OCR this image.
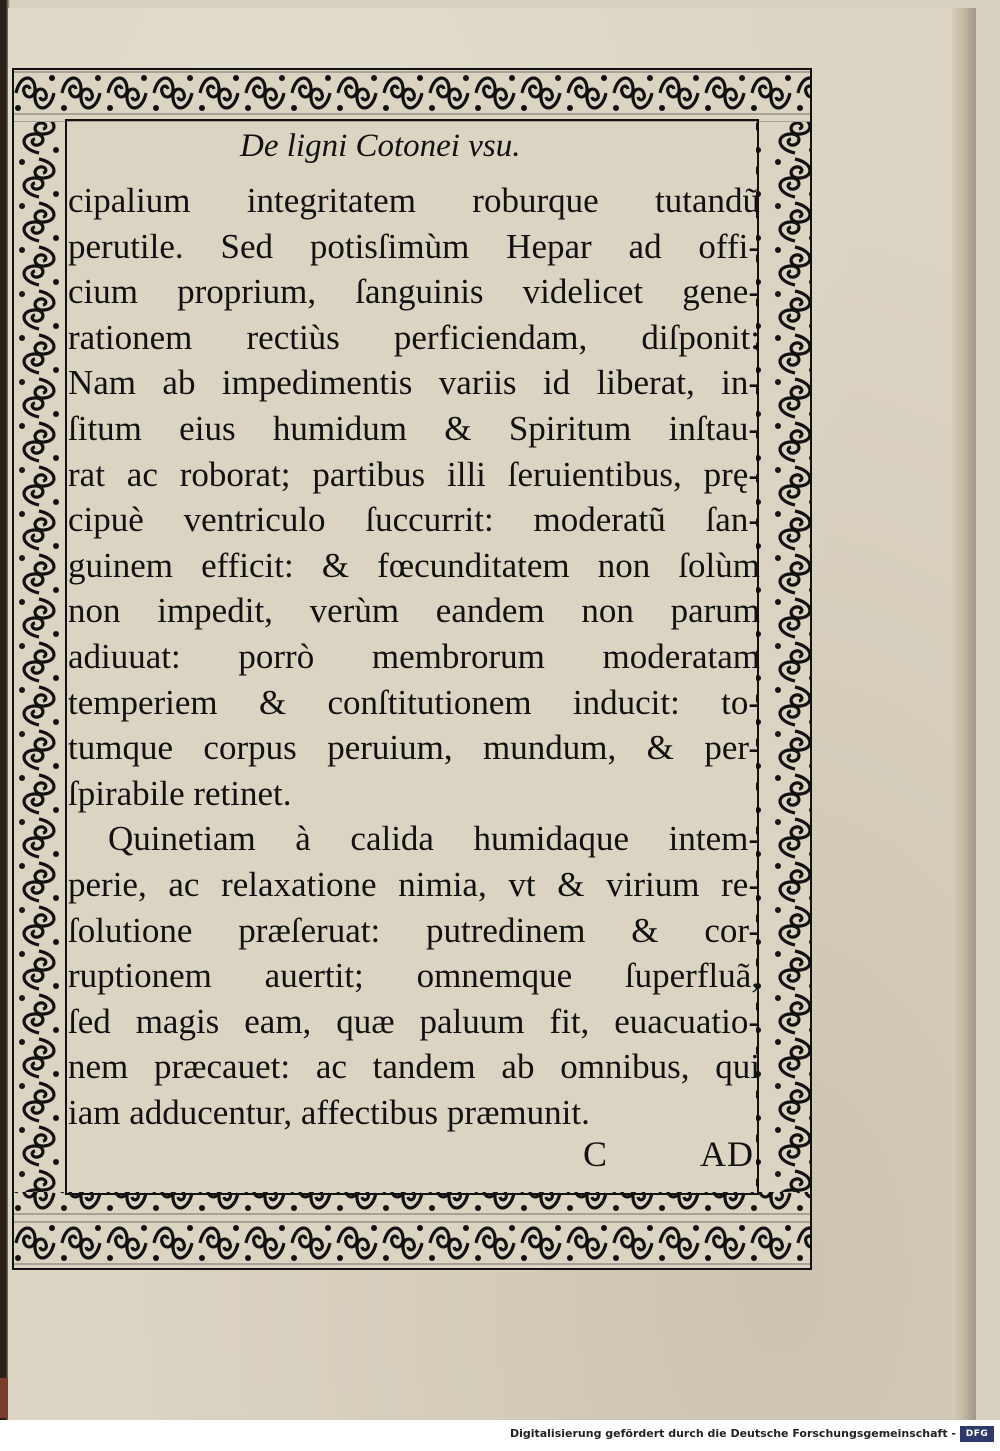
De ligni Cotonei vsu.
cipalium integritatem roburque tutandũ
perutile. Sed potisſimùm Hepar ad offi-
cium proprium, ſanguinis videlicet gene-
rationem rectiùs perficiendam, diſponit:
Nam ab impedimentis variis id liberat, in-
ſitum eius humidum & Spiritum inſtau-
rat ac roborat; partibus illi ſeruientibus, prę-
cipuè ventriculo ſuccurrit: moderatũ ſan-
guinem efficit: & fœcunditatem non ſolùm
non impedit, verùm eandem non parum
adiuuat: porrò membrorum moderatam
temperiem & conſtitutionem inducit: to-
tumque corpus peruium, mundum, & per-
ſpirabile retinet.
Quinetiam à calida humidaque intem-
perie, ac relaxatione nimia, vt & virium re-
ſolutione præſeruat: putredinem & cor-
ruptionem auertit; omnemque ſuperfluã,
ſed magis eam, quæ paluum fit, euacuatio-
nem præcauet: ac tandem ab omnibus, qui
iam adducentur, affectibus præmunit.
C	AD
Digitalisierung gefördert durch die Deutsche Forschungsgemeinschaft -	DFG
